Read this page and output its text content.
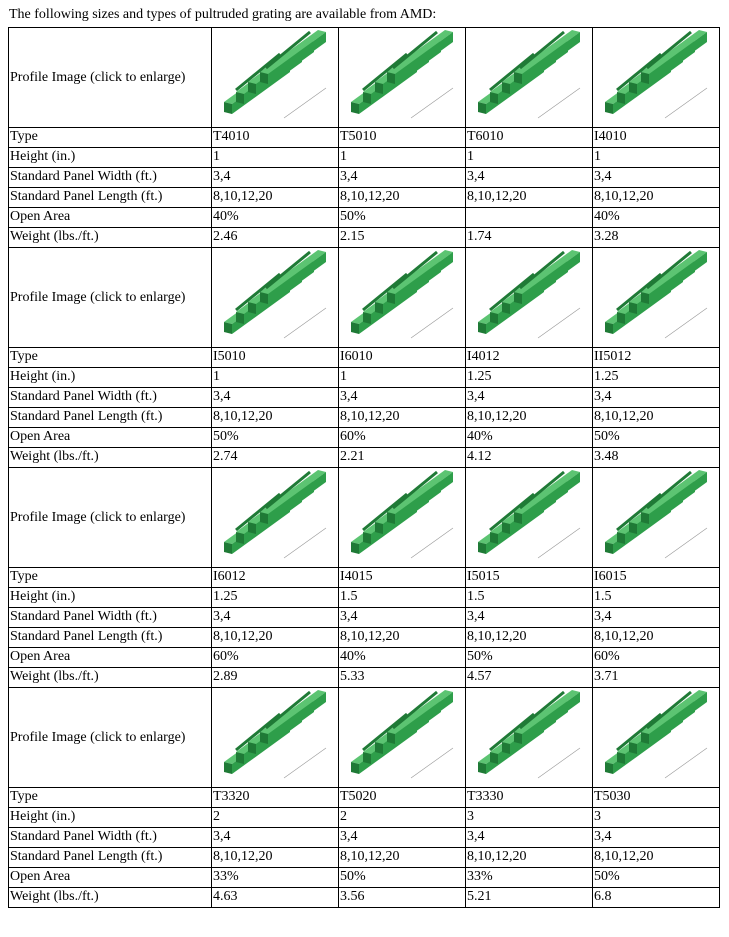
The following sizes and types of pultruded grating are available from AMD:
Profile Image (click to enlarge)	

Type	T4010	T5010	T6010	I4010
Height (in.)	1	1	1	1
Standard Panel Width (ft.)	3,4	3,4	3,4	3,4
Standard Panel Length (ft.)	8,10,12,20	8,10,12,20	8,10,12,20	8,10,12,20
Open Area	40%	50%		40%
Weight (lbs./ft.)	2.46	2.15	1.74	3.28
Profile Image (click to enlarge)	

Type	I5010	I6010	I4012	II5012
Height (in.)	1	1	1.25	1.25
Standard Panel Width (ft.)	3,4	3,4	3,4	3,4
Standard Panel Length (ft.)	8,10,12,20	8,10,12,20	8,10,12,20	8,10,12,20
Open Area	50%	60%	40%	50%
Weight (lbs./ft.)	2.74	2.21	4.12	3.48
Profile Image (click to enlarge)	

Type	I6012	I4015	I5015	I6015
Height (in.)	1.25	1.5	1.5	1.5
Standard Panel Width (ft.)	3,4	3,4	3,4	3,4
Standard Panel Length (ft.)	8,10,12,20	8,10,12,20	8,10,12,20	8,10,12,20
Open Area	60%	40%	50%	60%
Weight (lbs./ft.)	2.89	5.33	4.57	3.71
Profile Image (click to enlarge)	

Type	T3320	T5020	T3330	T5030
Height (in.)	2	2	3	3
Standard Panel Width (ft.)	3,4	3,4	3,4	3,4
Standard Panel Length (ft.)	8,10,12,20	8,10,12,20	8,10,12,20	8,10,12,20
Open Area	33%	50%	33%	50%
Weight (lbs./ft.)	4.63	3.56	5.21	6.8
